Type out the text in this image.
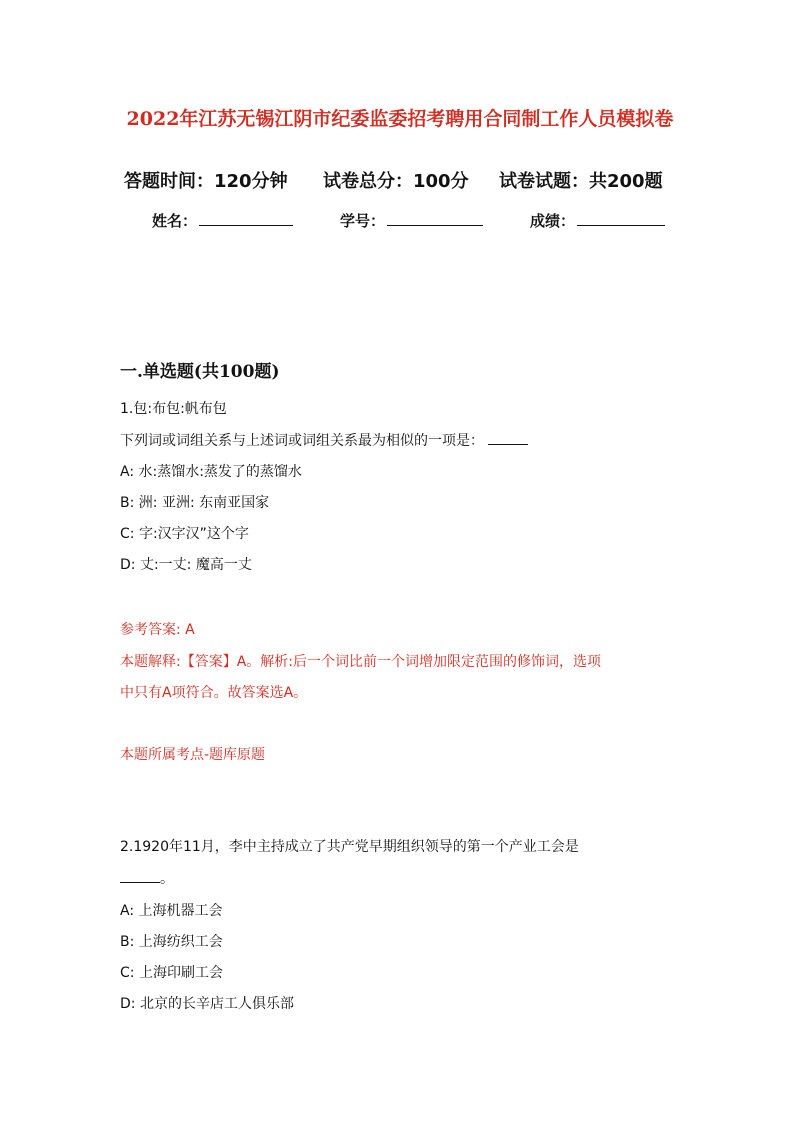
2022年江苏无锡江阴市纪委监委招考聘用合同制工作人员模拟卷
答题时间：120分钟 试卷总分：100分 试卷试题：共200题
姓名：	学号：	成绩：
一.单选题(共100题)
1.包:布包:帆布包
下列词或词组关系与上述词或词组关系最为相似的一项是：
A: 水:蒸馏水:蒸发了的蒸馏水
B: 洲: 亚洲: 东南亚国家
C: 字:汉字汉”这个字
D: 丈:一丈: 魔高一丈
参考答案: A
本题解释:【答案】A。解析:后一个词比前一个词增加限定范围的修饰词，选项
中只有A项符合。故答案选A。
本题所属考点-题库原题
2.1920年11月，李中主持成立了共产党早期组织领导的第一个产业工会是
。
A: 上海机器工会
B: 上海纺织工会
C: 上海印刷工会
D: 北京的长辛店工人俱乐部
